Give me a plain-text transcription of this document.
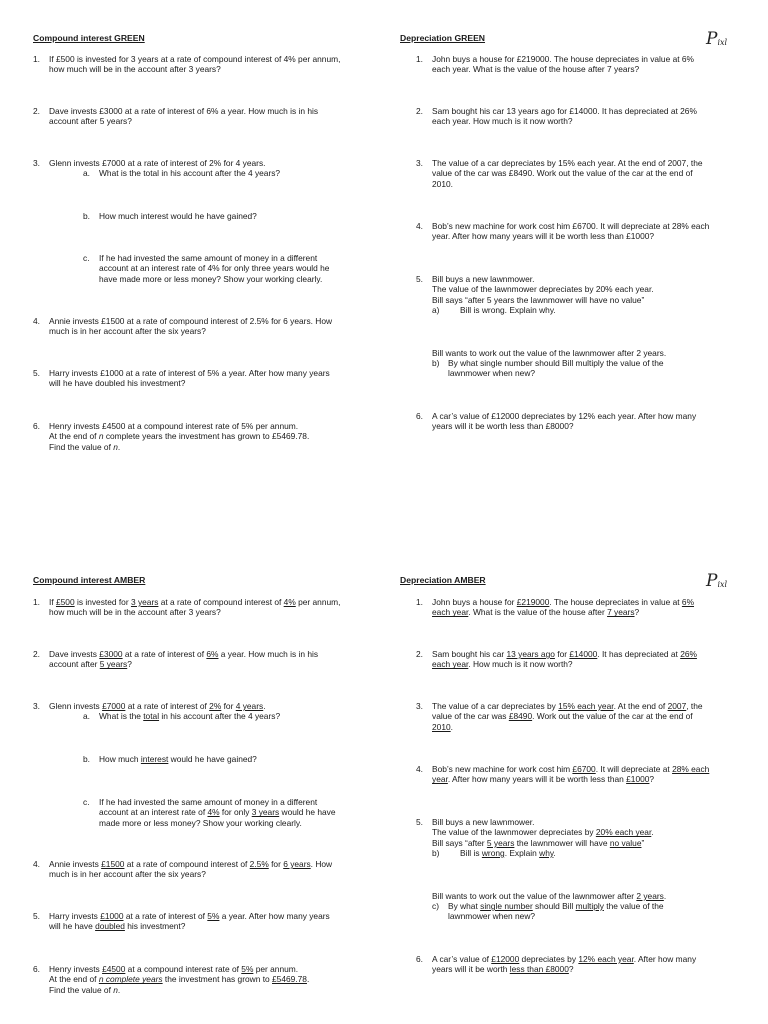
Compound interest GREEN
1. If £500 is invested for 3 years at a rate of compound interest of 4% per annum,
how much will be in the account after 3 years?
2. Dave invests £3000 at a rate of interest of 6% a year. How much is in his
account after 5 years?
3. Glenn invests £7000 at a rate of interest of 2% for 4 years.
a. What is the total in his account after the 4 years?
b. How much interest would he have gained?
c. If he had invested the same amount of money in a different
account at an interest rate of 4% for only three years would he
have made more or less money? Show your working clearly.
4. Annie invests £1500 at a rate of compound interest of 2.5% for 6 years. How
much is in her account after the six years?
5. Harry invests £1000 at a rate of interest of 5% a year. After how many years
will he have doubled his investment?
6. Henry invests £4500 at a compound interest rate of 5% per annum.
At the end of n complete years the investment has grown to £5469.78.
Find the value of n.
Depreciation GREEN	$P^{ixl}$
1. John buys a house for £219000. The house depreciates in value at 6%
each year. What is the value of the house after 7 years?
2. Sam bought his car 13 years ago for £14000. It has depreciated at 26%
each year. How much is it now worth?
3. The value of a car depreciates by 15% each year. At the end of 2007, the
value of the car was £8490. Work out the value of the car at the end of
2010.
4. Bob’s new machine for work cost him £6700. It will depreciate at 28% each
year. After how many years will it be worth less than £1000?
5. Bill buys a new lawnmower.
The value of the lawnmower depreciates by 20% each year.
Bill says “after 5 years the lawnmower will have no value”
a) Bill is wrong. Explain why.
Bill wants to work out the value of the lawnmower after 2 years.
b) By what single number should Bill multiply the value of the
lawnmower when new?
6. A car’s value of £12000 depreciates by 12% each year. After how many
years will it be worth less than £8000?
Compound interest AMBER
1. If £500 is invested for 3 years at a rate of compound interest of 4% per annum,
how much will be in the account after 3 years?
2. Dave invests £3000 at a rate of interest of 6% a year. How much is in his
account after 5 years?
3. Glenn invests £7000 at a rate of interest of 2% for 4 years.
a. What is the total in his account after the 4 years?
b. How much interest would he have gained?
c. If he had invested the same amount of money in a different
account at an interest rate of 4% for only 3 years would he have
made more or less money? Show your working clearly.
4. Annie invests £1500 at a rate of compound interest of 2.5% for 6 years. How
much is in her account after the six years?
5. Harry invests £1000 at a rate of interest of 5% a year. After how many years
will he have doubled his investment?
6. Henry invests £4500 at a compound interest rate of 5% per annum.
At the end of n complete years the investment has grown to £5469.78.
Find the value of n.
Depreciation AMBER	$P^{ixl}$
1. John buys a house for £219000. The house depreciates in value at 6%
each year. What is the value of the house after 7 years?
2. Sam bought his car 13 years ago for £14000. It has depreciated at 26%
each year. How much is it now worth?
3. The value of a car depreciates by 15% each year. At the end of 2007, the
value of the car was £8490. Work out the value of the car at the end of
2010.
4. Bob’s new machine for work cost him £6700. It will depreciate at 28% each
year. After how many years will it be worth less than £1000?
5. Bill buys a new lawnmower.
The value of the lawnmower depreciates by 20% each year.
Bill says “after 5 years the lawnmower will have no value”
b) Bill is wrong. Explain why.
Bill wants to work out the value of the lawnmower after 2 years.
c) By what single number should Bill multiply the value of the
lawnmower when new?
6. A car’s value of £12000 depreciates by 12% each year. After how many
years will it be worth less than £8000?
